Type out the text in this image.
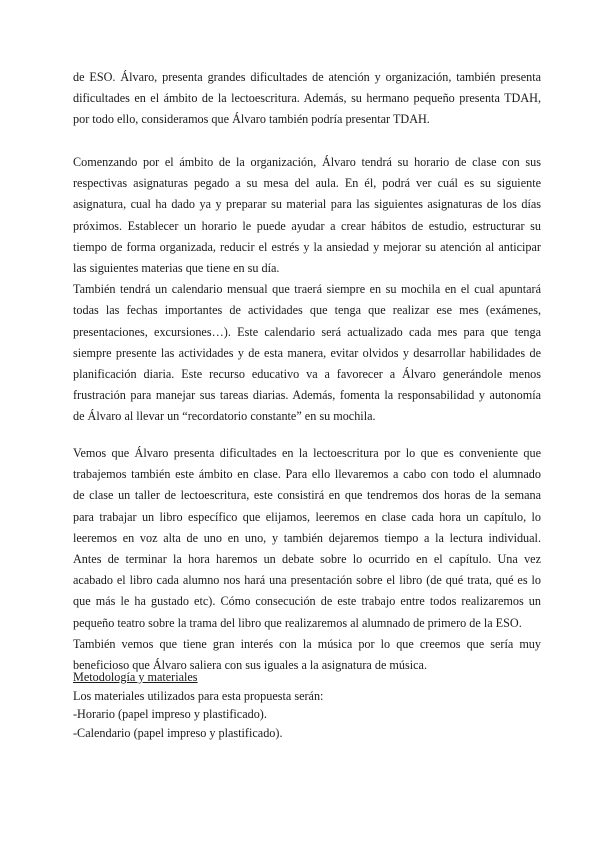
de ESO. Álvaro, presenta grandes dificultades de atención y organización, también presenta
dificultades en el ámbito de la lectoescritura. Además, su hermano pequeño presenta TDAH,
por todo ello, consideramos que Álvaro también podría presentar TDAH.
Comenzando por el ámbito de la organización, Álvaro tendrá su horario de clase con sus
respectivas asignaturas pegado a su mesa del aula. En él, podrá ver cuál es su siguiente
asignatura, cual ha dado ya y preparar su material para las siguientes asignaturas de los días
próximos. Establecer un horario le puede ayudar a crear hábitos de estudio, estructurar su
tiempo de forma organizada, reducir el estrés y la ansiedad y mejorar su atención al anticipar
las siguientes materias que tiene en su día.
También tendrá un calendario mensual que traerá siempre en su mochila en el cual apuntará
todas las fechas importantes de actividades que tenga que realizar ese mes (exámenes,
presentaciones, excursiones…). Este calendario será actualizado cada mes para que tenga
siempre presente las actividades y de esta manera, evitar olvidos y desarrollar habilidades de
planificación diaria. Este recurso educativo va a favorecer a Álvaro generándole menos
frustración para manejar sus tareas diarias. Además, fomenta la responsabilidad y autonomía
de Álvaro al llevar un “recordatorio constante” en su mochila.
Vemos que Álvaro presenta dificultades en la lectoescritura por lo que es conveniente que
trabajemos también este ámbito en clase. Para ello llevaremos a cabo con todo el alumnado
de clase un taller de lectoescritura, este consistirá en que tendremos dos horas de la semana
para trabajar un libro específico que elijamos, leeremos en clase cada hora un capítulo, lo
leeremos en voz alta de uno en uno, y también dejaremos tiempo a la lectura individual.
Antes de terminar la hora haremos un debate sobre lo ocurrido en el capítulo. Una vez
acabado el libro cada alumno nos hará una presentación sobre el libro (de qué trata, qué es lo
que más le ha gustado etc). Cómo consecución de este trabajo entre todos realizaremos un
pequeño teatro sobre la trama del libro que realizaremos al alumnado de primero de la ESO.
También vemos que tiene gran interés con la música por lo que creemos que sería muy
beneficioso que Álvaro saliera con sus iguales a la asignatura de música.
Metodología y materiales
Los materiales utilizados para esta propuesta serán:
-Horario (papel impreso y plastificado).
-Calendario (papel impreso y plastificado).
